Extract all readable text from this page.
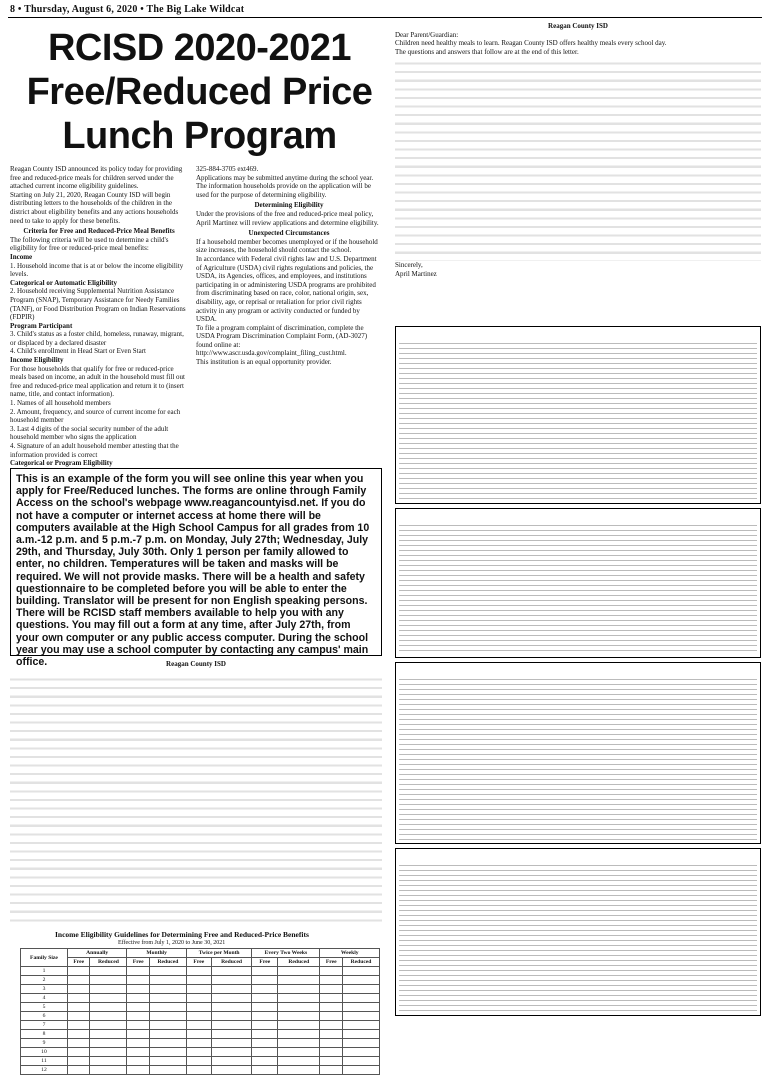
8 • Thursday, August 6, 2020 • The Big Lake Wildcat
RCISD 2020-2021
Free/Reduced Price
Lunch Program
Reagan County ISD announced its policy today for providing free and reduced-price meals for children served under the attached current income eligibility guidelines.
Starting on July 21, 2020, Reagan County ISD will begin distributing letters to the households of the children in the district about eligibility benefits and any actions households need to take to apply for these benefits.
Criteria for Free and Reduced-Price Meal Benefits
The following criteria will be used to determine a child's eligibility for free or reduced-price meal benefits:
Income
1. Household income that is at or below the income eligibility levels.
Categorical or Automatic Eligibility
2. Household receiving Supplemental Nutrition Assistance Program (SNAP), Temporary Assistance for Needy Families (TANF), or Food Distribution Program on Indian Reservations (FDPIR)
Program Participant
3. Child's status as a foster child, homeless, runaway, migrant, or displaced by a declared disaster
4. Child's enrollment in Head Start or Even Start
Income Eligibility
For those households that qualify for free or reduced-price meals based on income, an adult in the household must fill out free and reduced-price meal application and return it to (insert name, title, and contact information).
1. Names of all household members
2. Amount, frequency, and source of current income for each household member
3. Last 4 digits of the social security number of the adult household member who signs the application
4. Signature of an adult household member attesting that the information provided is correct
Categorical or Program Eligibility
325-884-3705 ext469.
Applications may be submitted anytime during the school year. The information households provide on the application will be used for the purpose of determining eligibility.
Determining Eligibility
Under the provisions of the free and reduced-price meal policy, April Martinez will review applications and determine eligibility.
Unexpected Circumstances
If a household member becomes unemployed or if the household size increases, the household should contact the school.
In accordance with Federal civil rights law and U.S. Department of Agriculture (USDA) civil rights regulations and policies, the USDA, its Agencies, offices, and employees, and institutions participating in or administering USDA programs are prohibited from discriminating based on race, color, national origin, sex, disability, age, or reprisal or retaliation for prior civil rights activity in any program or activity conducted or funded by USDA.
To file a program complaint of discrimination, complete the USDA Program Discrimination Complaint Form, (AD-3027) found online at: http://www.ascr.usda.gov/complaint_filing_cust.html.
This institution is an equal opportunity provider.
This is an example of the form you will see online this year when you apply for Free/Reduced lunches. The forms are online through Family Access on the school's webpage www.reagancountyisd.net. If you do not have a computer or internet access at home there will be computers available at the High School Campus for all grades from 10 a.m.-12 p.m. and 5 p.m.-7 p.m. on Monday, July 27th; Wednesday, July 29th, and Thursday, July 30th. Only 1 person per family allowed to enter, no children. Temperatures will be taken and masks will be required. We will not provide masks. There will be a health and safety questionnaire to be completed before you will be able to enter the building. Translator will be present for non English speaking persons. There will be RCISD staff members available to help you with any questions. You may fill out a form at any time, after July 27th, from your own computer or any public access computer. During the school year you may use a school computer by contacting any campus' main office.	Reagan County ISD
Income Eligibility Guidelines for Determining Free and Reduced-Price Benefits
Effective from July 1, 2020 to June 30, 2021
Family Size	Annually		Monthly		Twice per Month		Every Two Weeks		Weekly	
	Free	Reduced	Free	Reduced	Free	Reduced	Free	Reduced	Free	Reduced
1										
2										
3										
4										
5										
6										
7										
8										
9										
10										
11										
12										
Reagan County ISD
Dear Parent/Guardian:
Children need healthy meals to learn. Reagan County ISD offers healthy meals every school day.
The questions and answers that follow are at the end of this letter.
Sincerely,
April Martinez
